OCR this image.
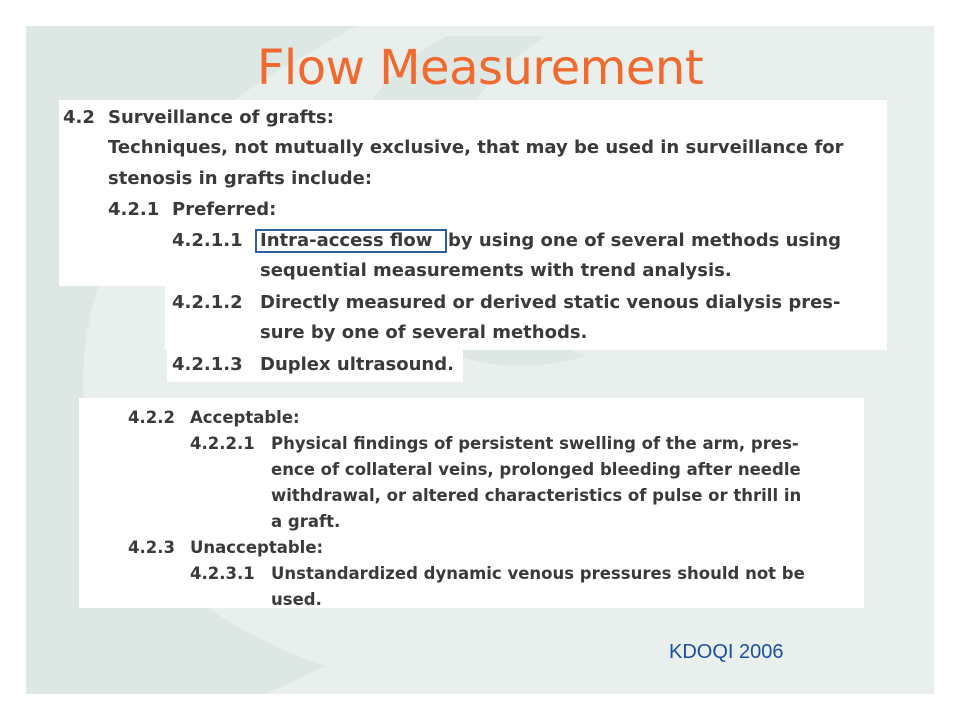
Flow Measurement
4.2 Surveillance of grafts:
Techniques, not mutually exclusive, that may be used in surveillance for
stenosis in grafts include:
4.2.1 Preferred:
4.2.1.1 Intra-access flow by using one of several methods using
sequential measurements with trend analysis.
4.2.1.2 Directly measured or derived static venous dialysis pres-
sure by one of several methods.
4.2.1.3 Duplex ultrasound.
4.2.2 Acceptable:
4.2.2.1 Physical findings of persistent swelling of the arm, pres-
ence of collateral veins, prolonged bleeding after needle
withdrawal, or altered characteristics of pulse or thrill in
a graft.
4.2.3 Unacceptable:
4.2.3.1 Unstandardized dynamic venous pressures should not be
used.
KDOQI 2006
